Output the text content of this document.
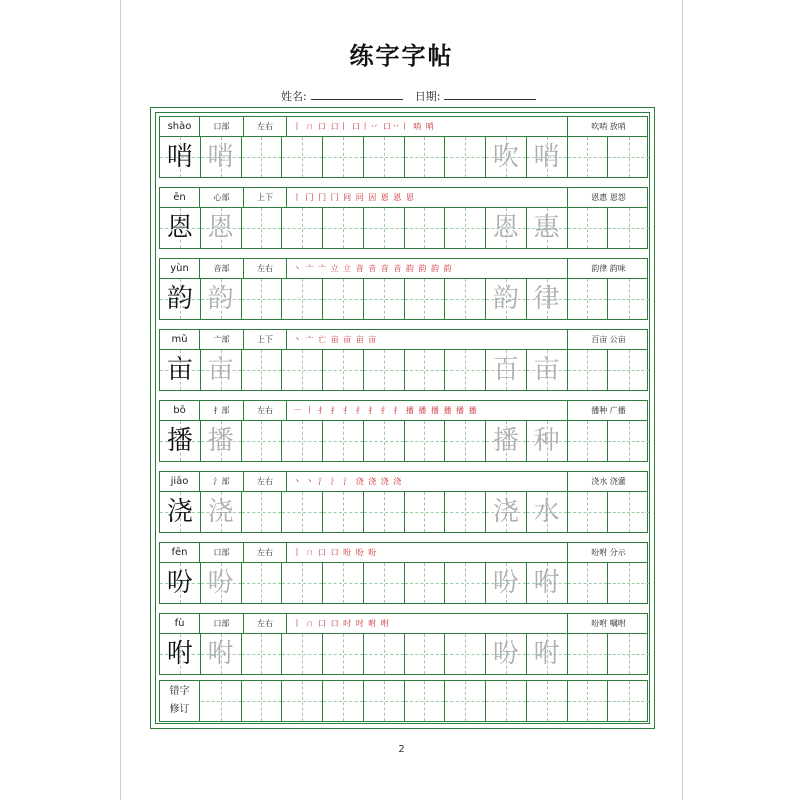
练字字帖
姓名:	日期:
2
shào	口部	左右	丨 ㄇ 口 口丨 口丨丷 口丷丨 哨 哨	吹哨 放哨
哨 哨	吹 哨
ēn	心部	上下	丨 冂 冂 冂 冋 冋 因 恩 恩 恩	恩惠 恩怨
恩 恩	恩 惠
yùn	音部	左右	丶 亠 亠 立 立 音 音 音 音 韵 韵 韵 韵	韵律 韵味
韵 韵	韵 律
mǔ	亠部	上下	丶 亠 亡 亩 亩 亩 亩	百亩 公亩
亩 亩	百 亩
bō	扌部	左右	一 丨 扌 扌 扌 扌 扌 扌 扌 播 播 播 播 播 播	播种 广播
播 播	播 种
jiāo	氵部	左右	丶 丶 氵 氵 氵 浇 浇 浇 浇	浇水 浇灌
浇 浇	浇 水
fēn	口部	左右	丨 ㄇ 口 口 吩 吩 吩	吩咐 分示
吩 吩	吩 咐
fù	口部	左右	丨 ㄇ 口 口 吋 吋 咐 咐	吩咐 嘱咐
咐 咐	吩 咐
错字
修订
